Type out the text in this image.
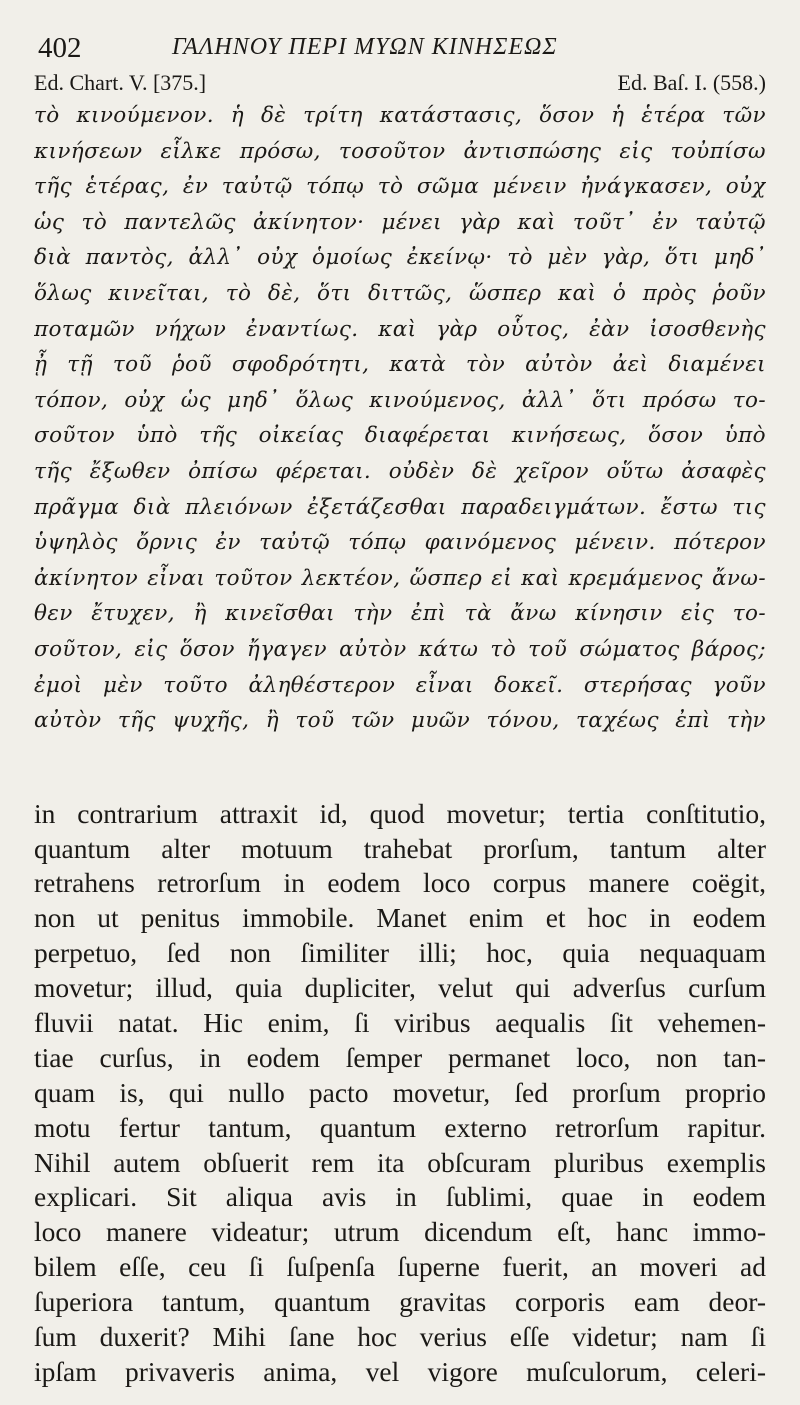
402	ΓΑΛΗΝΟΥ ΠΕΡΙ ΜΥΩΝ ΚΙΝΗΣΕΩΣ
Ed. Chart. V. [375.]	Ed. Baſ. I. (558.)
τὸ κινούμενον. ἡ δὲ τρίτη κατάστασις, ὅσον ἡ ἑτέρα τῶν
κινήσεων εἷλκε πρόσω, τοσοῦτον ἀντισπώσης εἰς τοὐπίσω
τῆς ἑτέρας, ἐν ταὐτῷ τόπῳ τὸ σῶμα μένειν ἠνάγκασεν, οὐχ
ὡς τὸ παντελῶς ἀκίνητον· μένει γὰρ καὶ τοῦτ᾽ ἐν ταὐτῷ
διὰ παντὸς, ἀλλ᾽ οὐχ ὁμοίως ἐκείνῳ· τὸ μὲν γὰρ, ὅτι μηδ᾽
ὅλως κινεῖται, τὸ δὲ, ὅτι διττῶς, ὥσπερ καὶ ὁ πρὸς ῥοῦν
ποταμῶν νήχων ἐναντίως. καὶ γὰρ οὗτος, ἐὰν ἰσοσθενὴς
ᾖ τῇ τοῦ ῥοῦ σφοδρότητι, κατὰ τὸν αὐτὸν ἀεὶ διαμένει
τόπον, οὐχ ὡς μηδ᾽ ὅλως κινούμενος, ἀλλ᾽ ὅτι πρόσω το-
σοῦτον ὑπὸ τῆς οἰκείας διαφέρεται κινήσεως, ὅσον ὑπὸ
τῆς ἔξωθεν ὀπίσω φέρεται. οὐδὲν δὲ χεῖρον οὕτω ἀσαφὲς
πρᾶγμα διὰ πλειόνων ἐξετάζεσθαι παραδειγμάτων. ἔστω τις
ὑψηλὸς ὄρνις ἐν ταὐτῷ τόπῳ φαινόμενος μένειν. πότερον
ἀκίνητον εἶναι τοῦτον λεκτέον, ὥσπερ εἰ καὶ κρεμάμενος ἄνω-
θεν ἔτυχεν, ἢ κινεῖσθαι τὴν ἐπὶ τὰ ἄνω κίνησιν εἰς το-
σοῦτον, εἰς ὅσον ἤγαγεν αὐτὸν κάτω τὸ τοῦ σώματος βάρος;
ἐμοὶ μὲν τοῦτο ἀληθέστερον εἶναι δοκεῖ. στερήσας γοῦν
αὐτὸν τῆς ψυχῆς, ἢ τοῦ τῶν μυῶν τόνου, ταχέως ἐπὶ τὴν

in contrarium attraxit id, quod movetur; tertia conſtitutio,
quantum alter motuum trahebat prorſum, tantum alter
retrahens retrorſum in eodem loco corpus manere coëgit,
non ut penitus immobile. Manet enim et hoc in eodem
perpetuo, ſed non ſimiliter illi; hoc, quia nequaquam
movetur; illud, quia dupliciter, velut qui adverſus curſum
fluvii natat. Hic enim, ſi viribus aequalis ſit vehemen-
tiae curſus, in eodem ſemper permanet loco, non tan-
quam is, qui nullo pacto movetur, ſed prorſum proprio
motu fertur tantum, quantum externo retrorſum rapitur.
Nihil autem obſuerit rem ita obſcuram pluribus exemplis
explicari. Sit aliqua avis in ſublimi, quae in eodem
loco manere videatur; utrum dicendum eſt, hanc immo-
bilem eſſe, ceu ſi ſuſpenſa ſuperne fuerit, an moveri ad
ſuperiora tantum, quantum gravitas corporis eam deor-
ſum duxerit? Mihi ſane hoc verius eſſe videtur; nam ſi
ipſam privaveris anima, vel vigore muſculorum, celeri-
